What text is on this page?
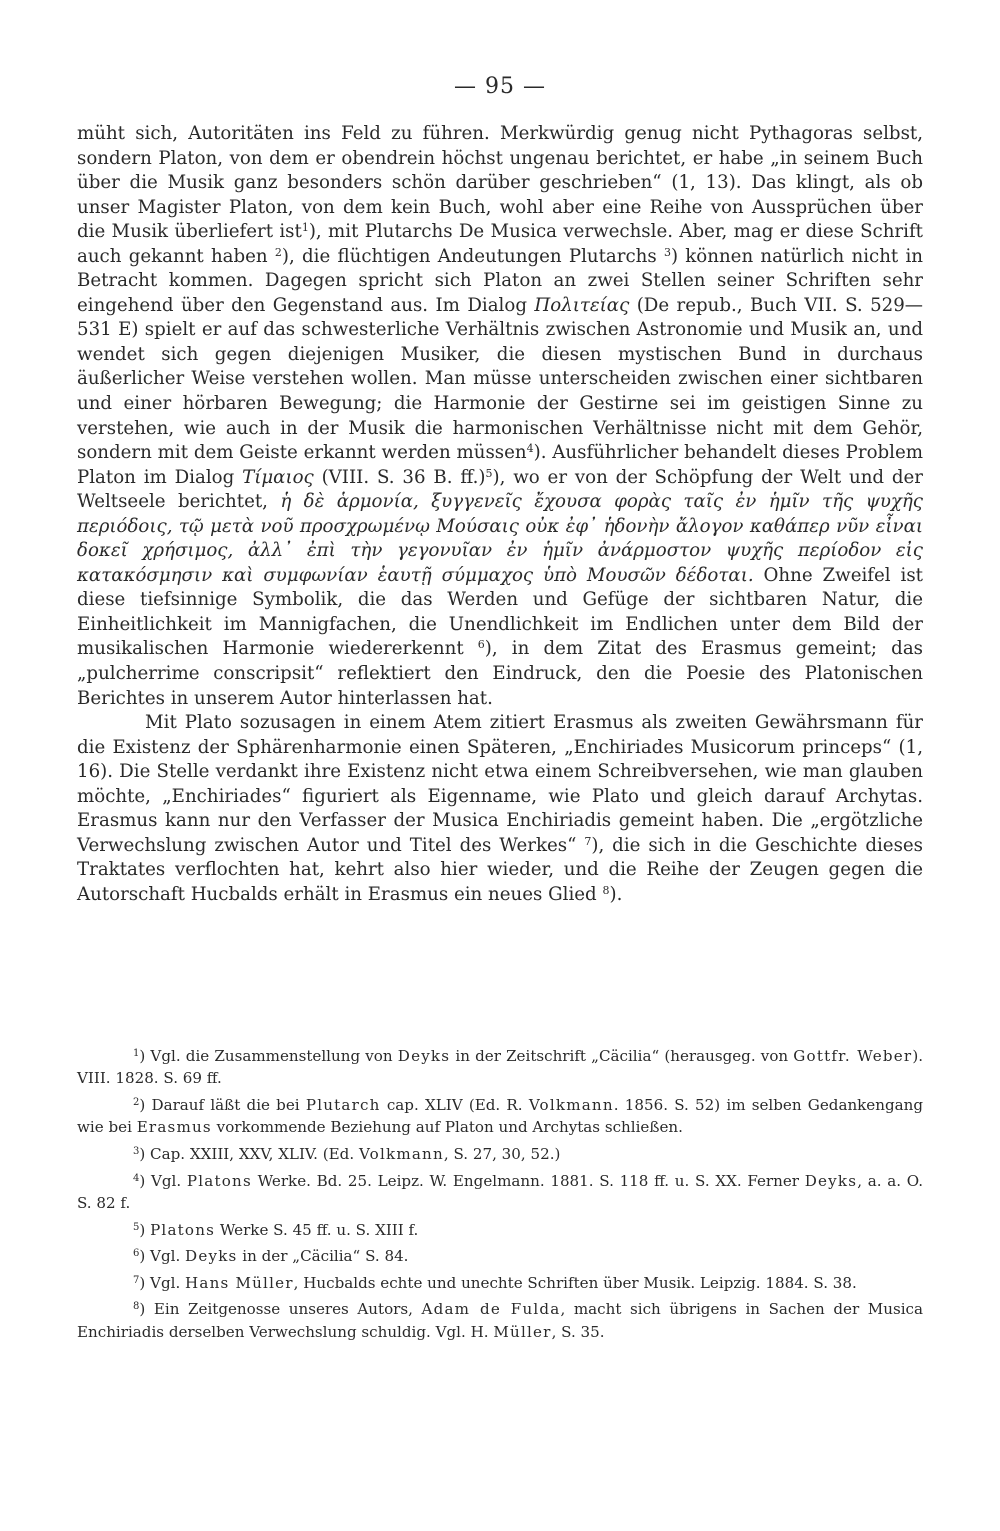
— 95 —

müht sich, Autoritäten ins Feld zu führen. Merkwürdig genug nicht Pythagoras selbst, sondern Platon, von dem er obendrein höchst ungenau berichtet, er habe „in seinem Buch über die Musik ganz besonders schön darüber geschrieben“ (1, 13). Das klingt, als ob unser Magister Platon, von dem kein Buch, wohl aber eine Reihe von Aussprüchen über die Musik überliefert ist$^1$), mit Plutarchs De Musica verwechsle. Aber, mag er diese Schrift auch gekannt haben $^2$), die flüchtigen Andeutungen Plutarchs $^3$) können natürlich nicht in Betracht kommen. Dagegen spricht sich Platon an zwei Stellen seiner Schriften sehr eingehend über den Gegenstand aus. Im Dialog Πολιτείας (De repub., Buch VII. S. 529—531 E) spielt er auf das schwesterliche Verhältnis zwischen Astronomie und Musik an, und wendet sich gegen diejenigen Musiker, die diesen mystischen Bund in durchaus äußerlicher Weise verstehen wollen. Man müsse unterscheiden zwischen einer sichtbaren und einer hörbaren Bewegung; die Harmonie der Gestirne sei im geistigen Sinne zu verstehen, wie auch in der Musik die harmonischen Verhältnisse nicht mit dem Gehör, sondern mit dem Geiste erkannt werden müssen$^4$). Ausführlicher behandelt dieses Problem Platon im Dialog Τίμαιος (VIII. S. 36 B. ff.)$^5$), wo er von der Schöpfung der Welt und der Weltseele berichtet, ἡ δὲ ἁρμονία, ξυγγενεῖς ἔχουσα φορὰς ταῖς ἐν ἡμῖν τῆς ψυχῆς περιόδοις, τῷ μετὰ νοῦ προσχρωμένῳ Μούσαις οὐκ ἐφ᾽ ἡδονὴν ἄλογον καθάπερ νῦν εἶναι δοκεῖ χρήσιμος, ἀλλ᾽ ἐπὶ τὴν γεγονυῖαν ἐν ἡμῖν ἀνάρμοστον ψυχῆς περίοδον εἰς κατακόσμησιν καὶ συμφωνίαν ἑαυτῇ σύμμαχος ὑπὸ Μουσῶν δέδοται. Ohne Zweifel ist diese tiefsinnige Symbolik, die das Werden und Gefüge der sichtbaren Natur, die Einheitlichkeit im Mannigfachen, die Unendlichkeit im Endlichen unter dem Bild der musikalischen Harmonie wiedererkennt $^6$), in dem Zitat des Erasmus gemeint; das „pulcherrime conscripsit“ reflektiert den Eindruck, den die Poesie des Platonischen Berichtes in unserem Autor hinterlassen hat.

Mit Plato sozusagen in einem Atem zitiert Erasmus als zweiten Gewährsmann für die Existenz der Sphärenharmonie einen Späteren, „Enchiriades Musicorum princeps“ (1, 16). Die Stelle verdankt ihre Existenz nicht etwa einem Schreibversehen, wie man glauben möchte, „Enchiriades“ figuriert als Eigenname, wie Plato und gleich darauf Archytas. Erasmus kann nur den Verfasser der Musica Enchiriadis gemeint haben. Die „ergötzliche Verwechslung zwischen Autor und Titel des Werkes“ $^7$), die sich in die Geschichte dieses Traktates verflochten hat, kehrt also hier wieder, und die Reihe der Zeugen gegen die Autorschaft Hucbalds erhält in Erasmus ein neues Glied $^8$).

$^1$) Vgl. die Zusammenstellung von Deyks in der Zeitschrift „Cäcilia“ (herausgeg. von Gottfr. Weber). VIII. 1828. S. 69 ff.

$^2$) Darauf läßt die bei Plutarch cap. XLIV (Ed. R. Volkmann. 1856. S. 52) im selben Gedankengang wie bei Erasmus vorkommende Beziehung auf Platon und Archytas schließen.

$^3$) Cap. XXIII, XXV, XLIV. (Ed. Volkmann, S. 27, 30, 52.)

$^4$) Vgl. Platons Werke. Bd. 25. Leipz. W. Engelmann. 1881. S. 118 ff. u. S. XX. Ferner Deyks, a. a. O. S. 82 f.

$^5$) Platons Werke S. 45 ff. u. S. XIII f.

$^6$) Vgl. Deyks in der „Cäcilia“ S. 84.

$^7$) Vgl. Hans Müller, Hucbalds echte und unechte Schriften über Musik. Leipzig. 1884. S. 38.

$^8$) Ein Zeitgenosse unseres Autors, Adam de Fulda, macht sich übrigens in Sachen der Musica Enchiriadis derselben Verwechslung schuldig. Vgl. H. Müller, S. 35.
